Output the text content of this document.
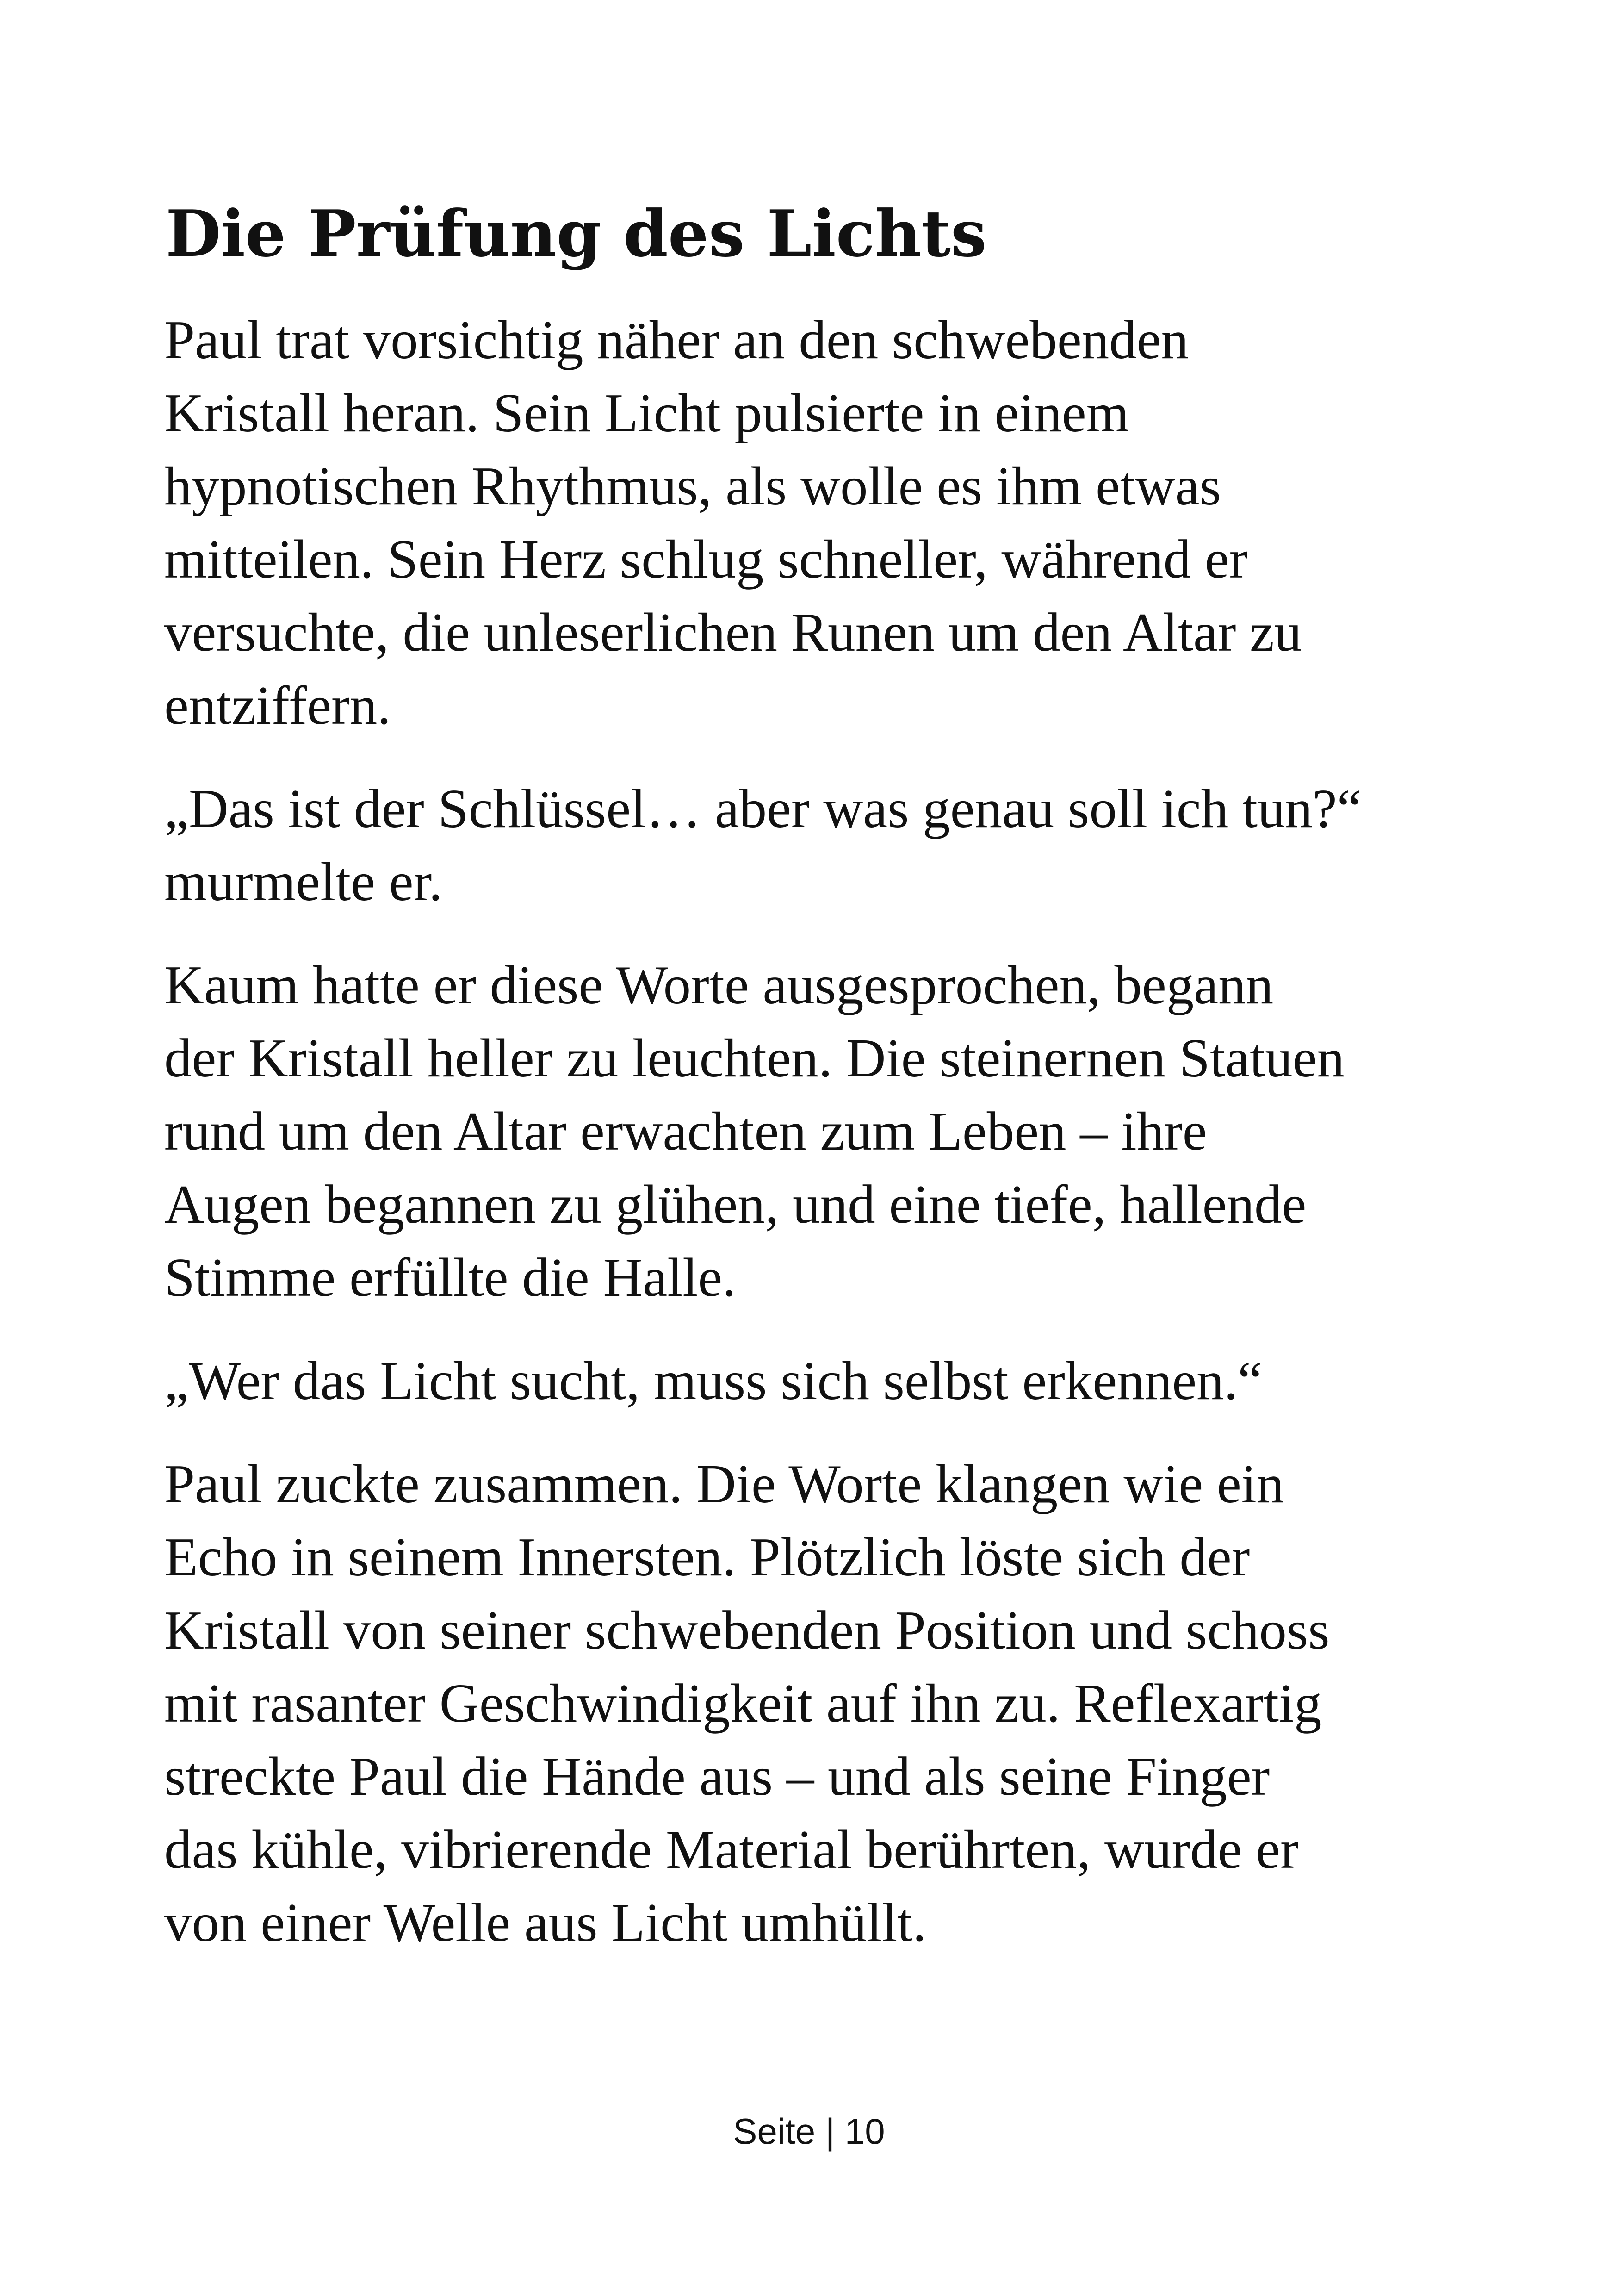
Die Prüfung des Lichts

Paul trat vorsichtig näher an den schwebenden
Kristall heran. Sein Licht pulsierte in einem
hypnotischen Rhythmus, als wolle es ihm etwas
mitteilen. Sein Herz schlug schneller, während er
versuchte, die unleserlichen Runen um den Altar zu
entziffern.

„Das ist der Schlüssel… aber was genau soll ich tun?“
murmelte er.

Kaum hatte er diese Worte ausgesprochen, begann
der Kristall heller zu leuchten. Die steinernen Statuen
rund um den Altar erwachten zum Leben – ihre
Augen begannen zu glühen, und eine tiefe, hallende
Stimme erfüllte die Halle.

„Wer das Licht sucht, muss sich selbst erkennen.“

Paul zuckte zusammen. Die Worte klangen wie ein
Echo in seinem Innersten. Plötzlich löste sich der
Kristall von seiner schwebenden Position und schoss
mit rasanter Geschwindigkeit auf ihn zu. Reflexartig
streckte Paul die Hände aus – und als seine Finger
das kühle, vibrierende Material berührten, wurde er
von einer Welle aus Licht umhüllt.

Seite | 10
